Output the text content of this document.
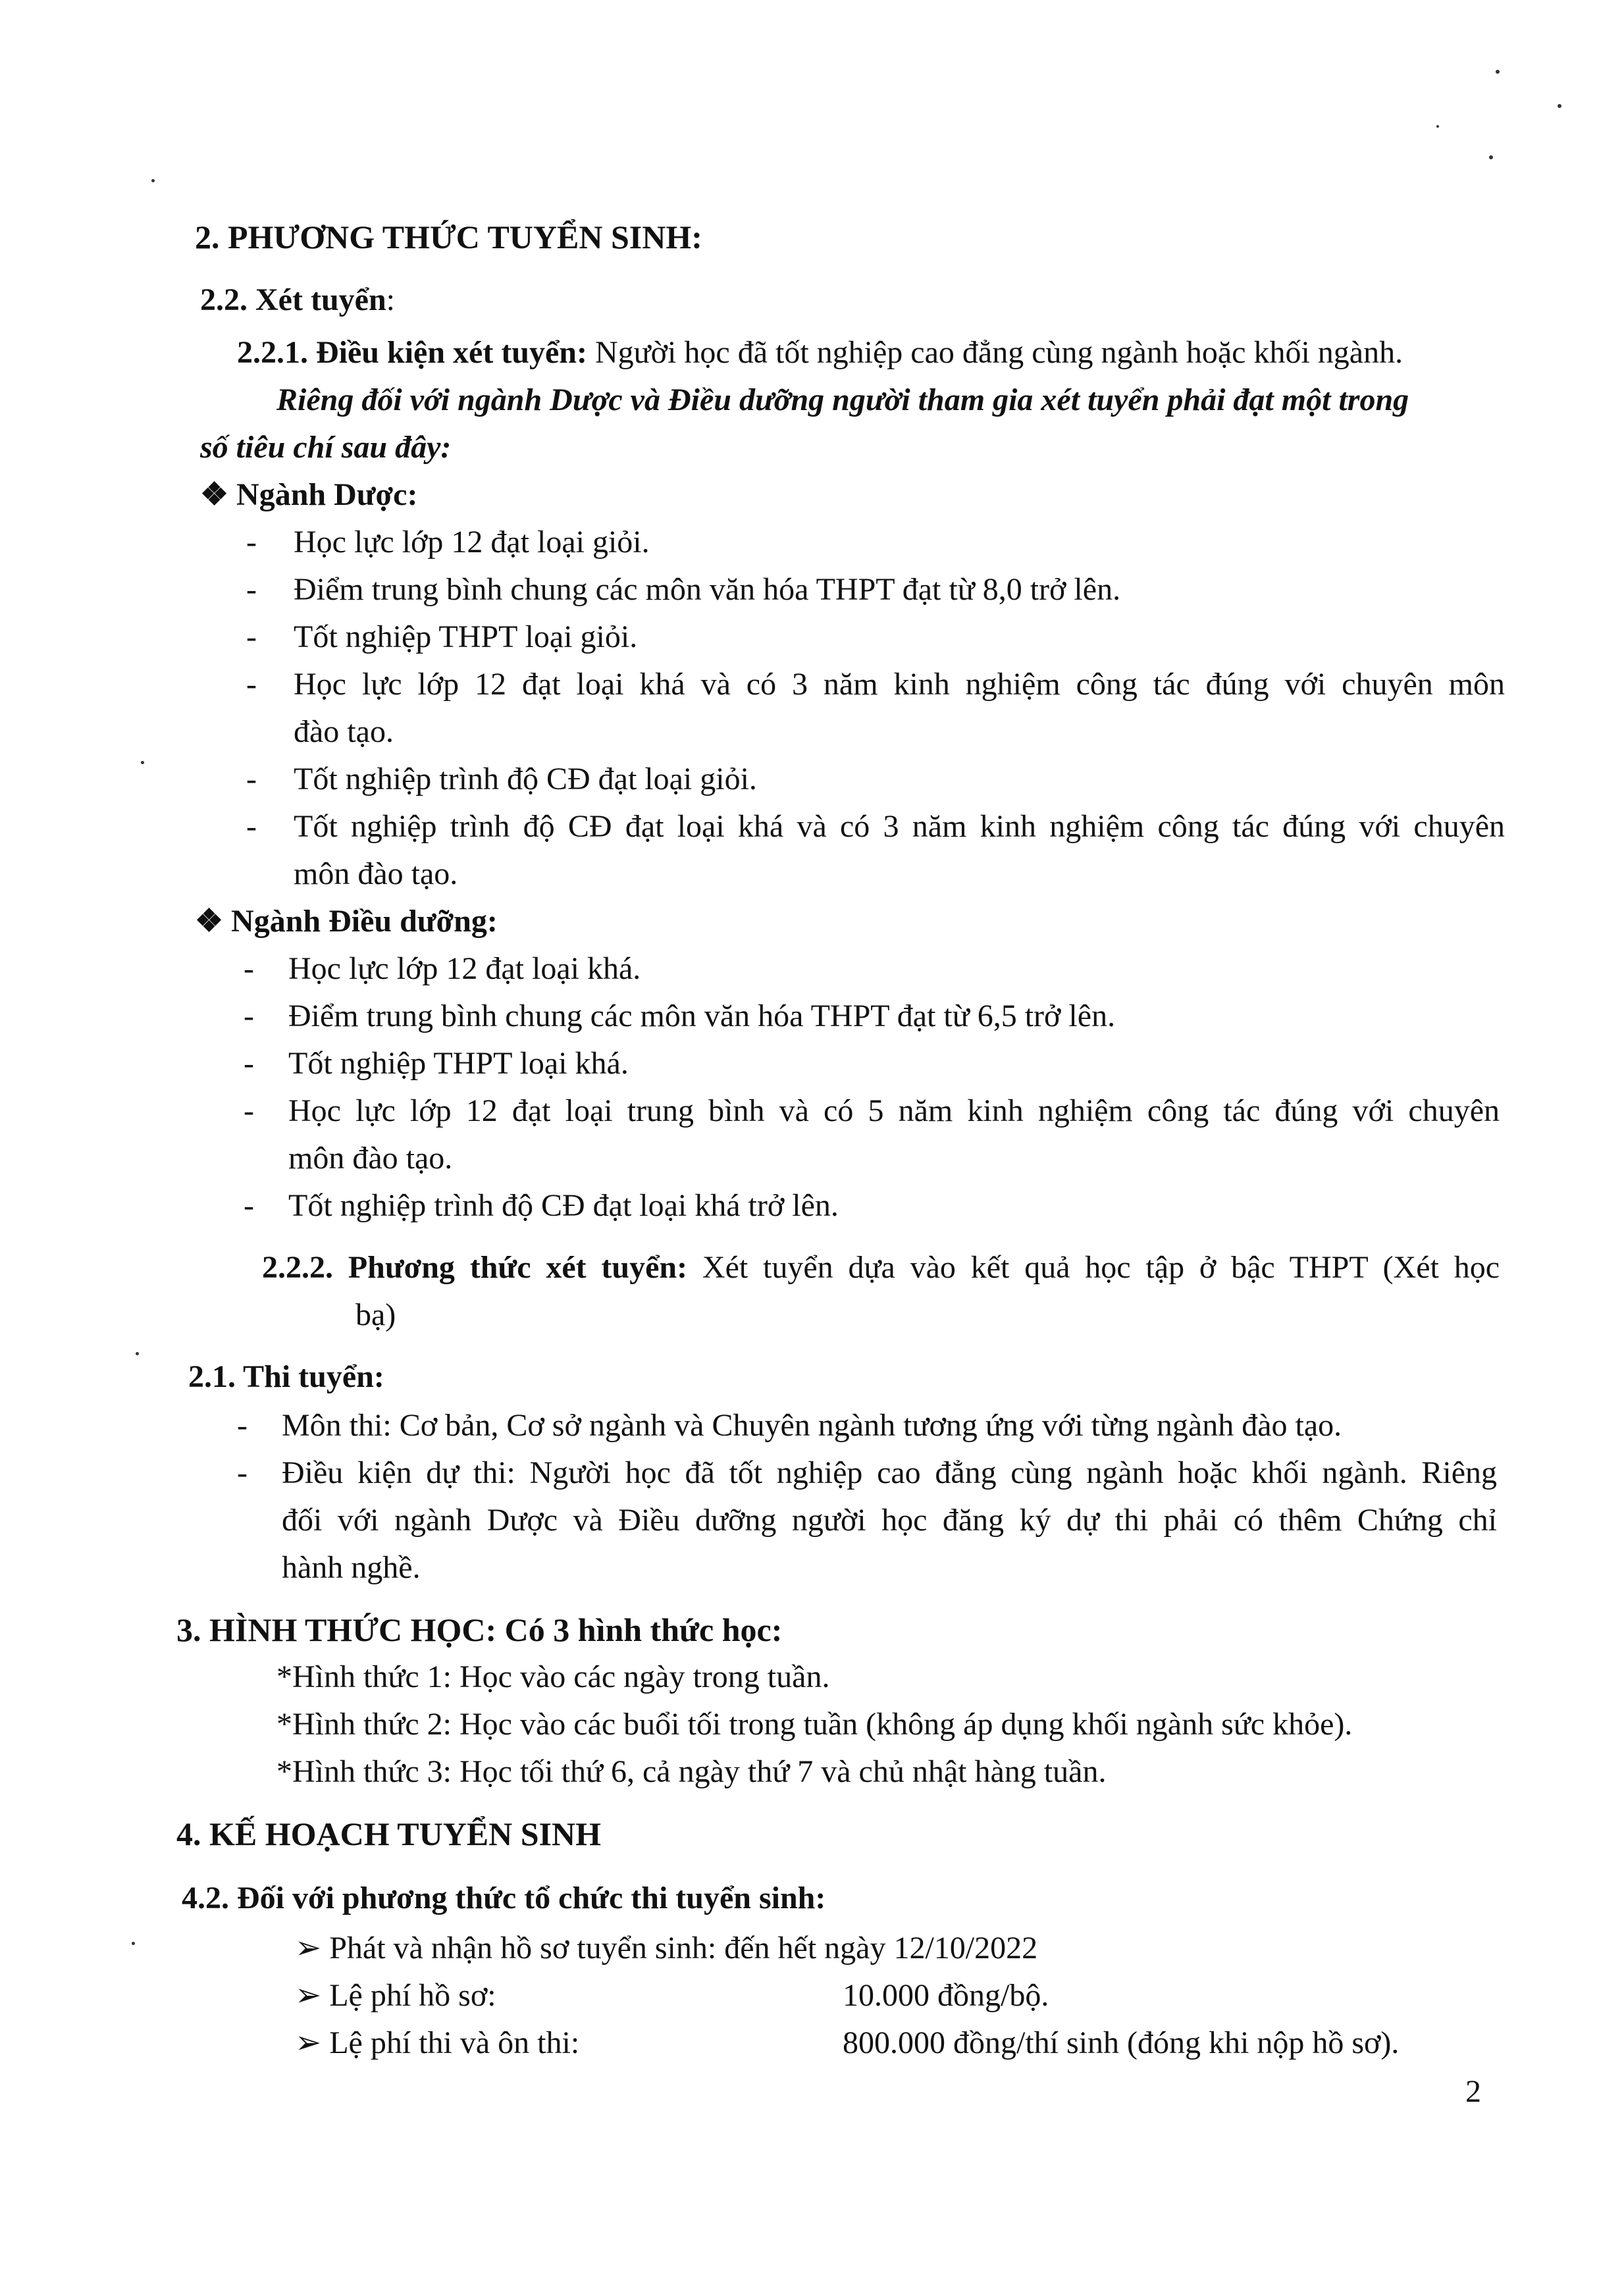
2. PHƯƠNG THỨC TUYỂN SINH:
2.2. Xét tuyển:
2.2.1. Điều kiện xét tuyển: Người học đã tốt nghiệp cao đẳng cùng ngành hoặc khối ngành.
Riêng đối với ngành Dược và Điều dưỡng người tham gia xét tuyển phải đạt một trong
số tiêu chí sau đây:
❖ Ngành Dược:
- Học lực lớp 12 đạt loại giỏi.
- Điểm trung bình chung các môn văn hóa THPT đạt từ 8,0 trở lên.
- Tốt nghiệp THPT loại giỏi.
- Học lực lớp 12 đạt loại khá và có 3 năm kinh nghiệm công tác đúng với chuyên môn
đào tạo.
- Tốt nghiệp trình độ CĐ đạt loại giỏi.
- Tốt nghiệp trình độ CĐ đạt loại khá và có 3 năm kinh nghiệm công tác đúng với chuyên
môn đào tạo.
❖ Ngành Điều dưỡng:
- Học lực lớp 12 đạt loại khá.
- Điểm trung bình chung các môn văn hóa THPT đạt từ 6,5 trở lên.
- Tốt nghiệp THPT loại khá.
- Học lực lớp 12 đạt loại trung bình và có 5 năm kinh nghiệm công tác đúng với chuyên
môn đào tạo.
- Tốt nghiệp trình độ CĐ đạt loại khá trở lên.
2.2.2. Phương thức xét tuyển: Xét tuyển dựa vào kết quả học tập ở bậc THPT (Xét học
bạ)
2.1. Thi tuyển:
- Môn thi: Cơ bản, Cơ sở ngành và Chuyên ngành tương ứng với từng ngành đào tạo.
- Điều kiện dự thi: Người học đã tốt nghiệp cao đẳng cùng ngành hoặc khối ngành. Riêng
đối với ngành Dược và Điều dưỡng người học đăng ký dự thi phải có thêm Chứng chỉ
hành nghề.
3. HÌNH THỨC HỌC: Có 3 hình thức học:
*Hình thức 1: Học vào các ngày trong tuần.
*Hình thức 2: Học vào các buổi tối trong tuần (không áp dụng khối ngành sức khỏe).
*Hình thức 3: Học tối thứ 6, cả ngày thứ 7 và chủ nhật hàng tuần.
4. KẾ HOẠCH TUYỂN SINH
4.2. Đối với phương thức tổ chức thi tuyển sinh:
➢ Phát và nhận hồ sơ tuyển sinh: đến hết ngày 12/10/2022
➢ Lệ phí hồ sơ:	10.000 đồng/bộ.
➢ Lệ phí thi và ôn thi:	800.000 đồng/thí sinh (đóng khi nộp hồ sơ).
2
